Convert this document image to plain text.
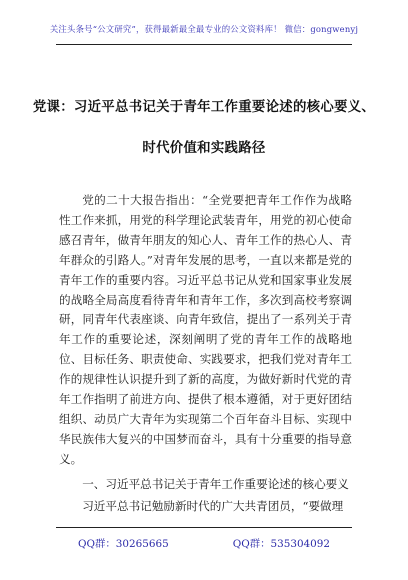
关注头条号“公文研究”，获得最新最全最专业的公文资料库！ 微信：gongwenyj
党课：习近平总书记关于青年工作重要论述的核心要义、
时代价值和实践路径

党的二十大报告指出：“全党要把青年工作作为战略性工作来抓，用党的科学理论武装青年，用党的初心使命感召青年，做青年朋友的知心人、青年工作的热心人、青年群众的引路人。”对青年发展的思考，一直以来都是党的青年工作的重要内容。习近平总书记从党和国家事业发展的战略全局高度看待青年和青年工作，多次到高校考察调研，同青年代表座谈、向青年致信，提出了一系列关于青年工作的重要论述，深刻阐明了党的青年工作的战略地位、目标任务、职责使命、实践要求，把我们党对青年工作的规律性认识提升到了新的高度，为做好新时代党的青年工作指明了前进方向、提供了根本遵循，对于更好团结组织、动员广大青年为实现第二个百年奋斗目标、实现中华民族伟大复兴的中国梦而奋斗，具有十分重要的指导意义。

一、习近平总书记关于青年工作重要论述的核心要义

习近平总书记勉励新时代的广大共青团员，“要做理

QQ群：30265665	QQ群：535304092
